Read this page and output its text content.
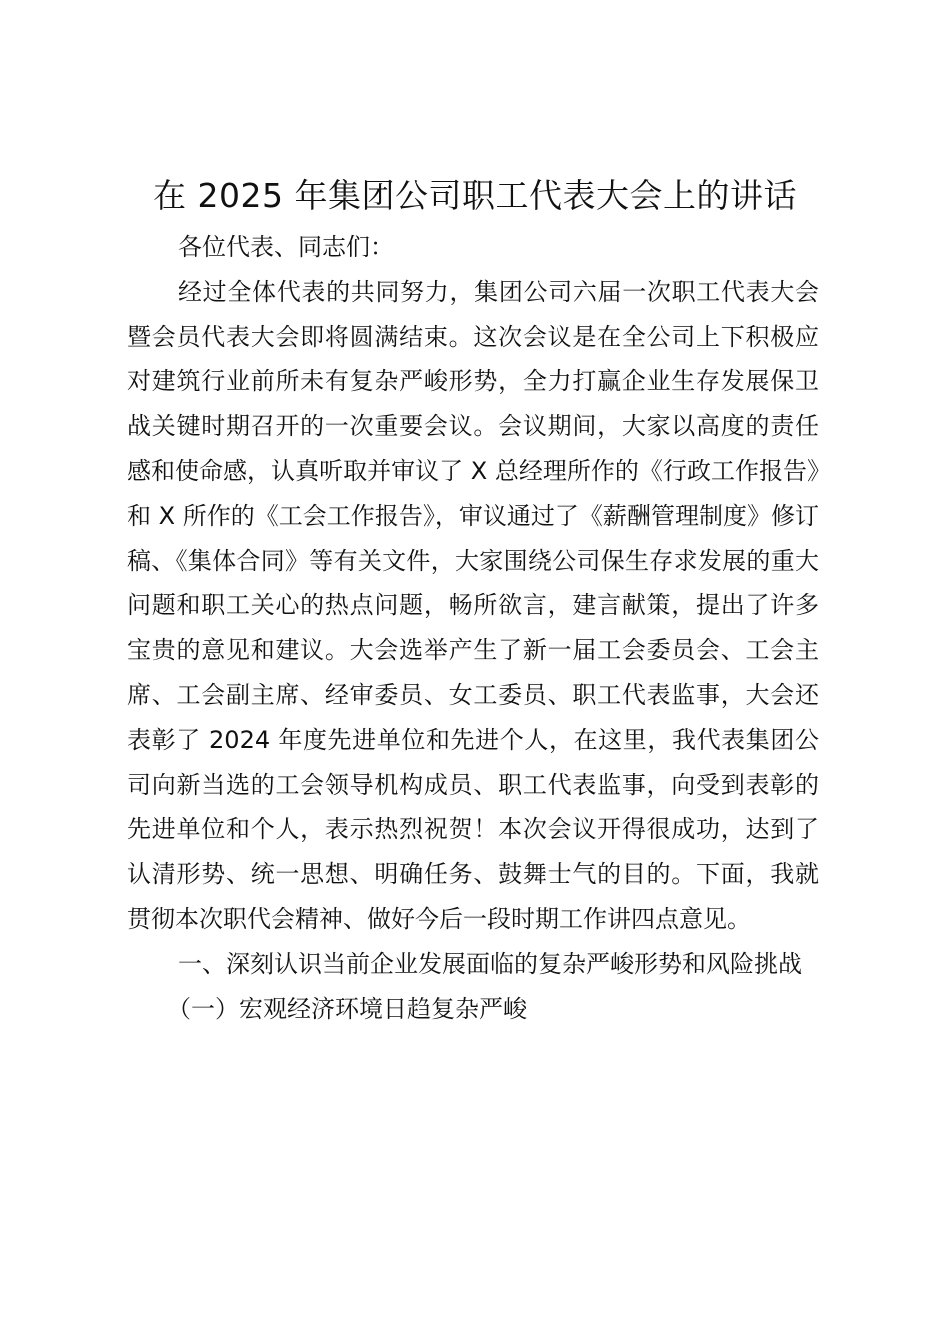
在 2025 年集团公司职工代表大会上的讲话

各位代表、同志们：

经过全体代表的共同努力，集团公司六届一次职工代表大会暨会员代表大会即将圆满结束。这次会议是在全公司上下积极应对建筑行业前所未有复杂严峻形势，全力打赢企业生存发展保卫战关键时期召开的一次重要会议。会议期间，大家以高度的责任感和使命感，认真听取并审议了 X 总经理所作的《行政工作报告》和 X 所作的《工会工作报告》，审议通过了《薪酬管理制度》修订稿、《集体合同》等有关文件，大家围绕公司保生存求发展的重大问题和职工关心的热点问题，畅所欲言，建言献策，提出了许多宝贵的意见和建议。大会选举产生了新一届工会委员会、工会主席、工会副主席、经审委员、女工委员、职工代表监事，大会还表彰了 2024 年度先进单位和先进个人，在这里，我代表集团公司向新当选的工会领导机构成员、职工代表监事，向受到表彰的先进单位和个人，表示热烈祝贺！本次会议开得很成功，达到了认清形势、统一思想、明确任务、鼓舞士气的目的。下面，我就贯彻本次职代会精神、做好今后一段时期工作讲四点意见。

一、深刻认识当前企业发展面临的复杂严峻形势和风险挑战

（一）宏观经济环境日趋复杂严峻
